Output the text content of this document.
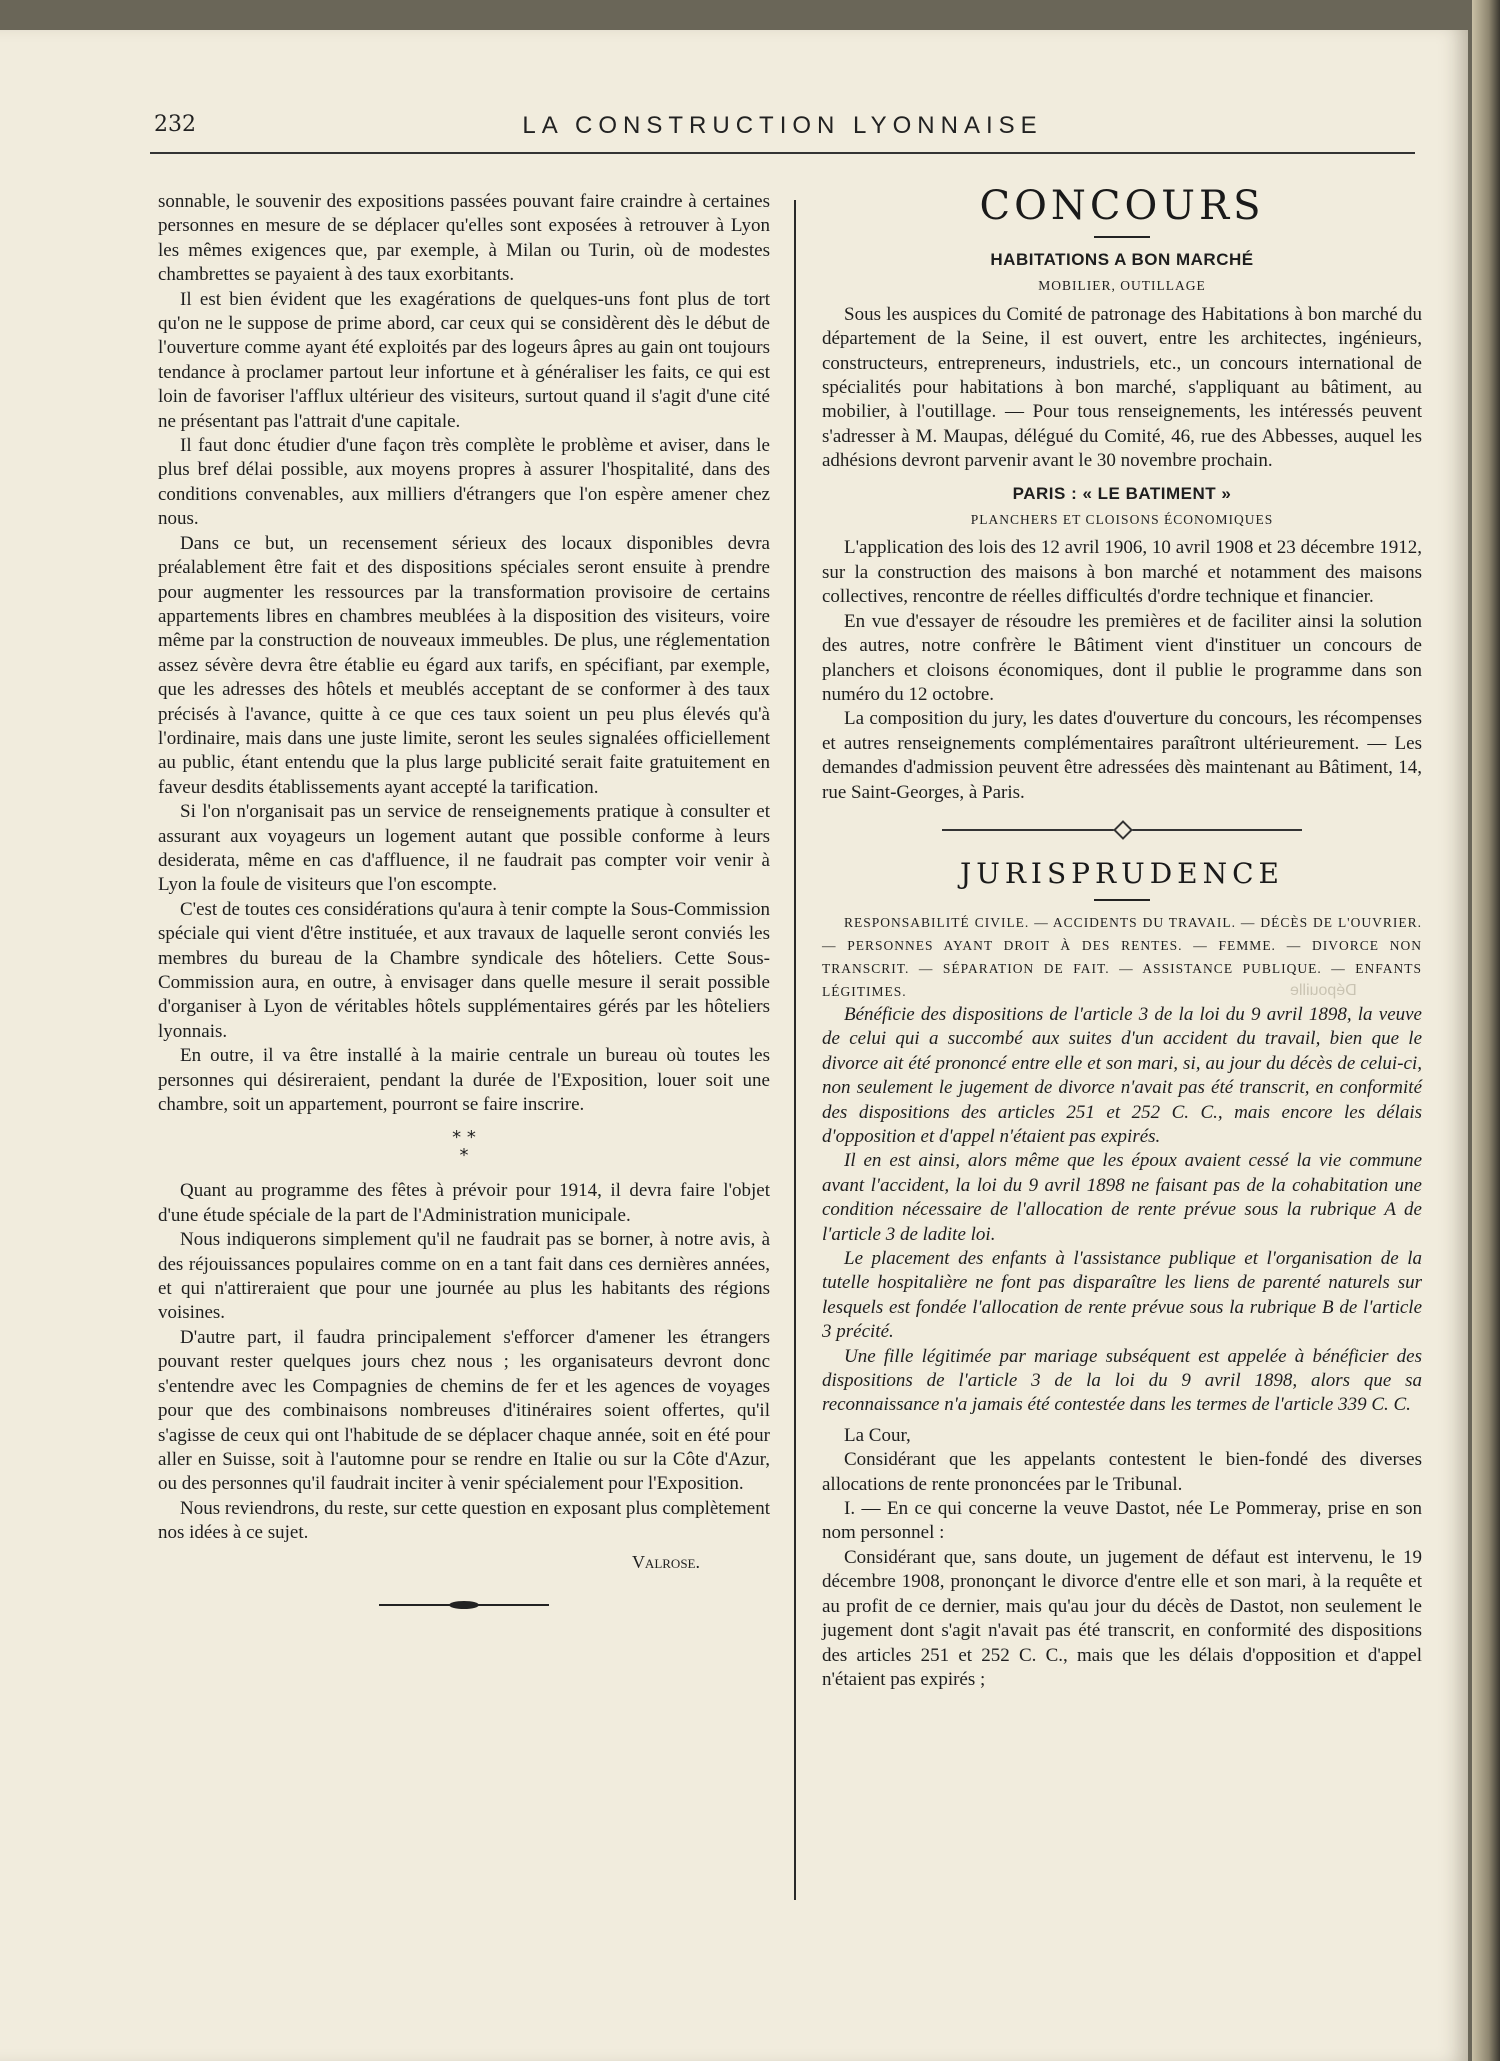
232	LA CONSTRUCTION LYONNAISE

sonnable, le souvenir des expositions passées pouvant faire craindre à certaines personnes en mesure de se déplacer qu'elles sont exposées à retrouver à Lyon les mêmes exigences que, par exemple, à Milan ou Turin, où de modestes chambrettes se payaient à des taux exorbitants.

Il est bien évident que les exagérations de quelques-uns font plus de tort qu'on ne le suppose de prime abord, car ceux qui se considèrent dès le début de l'ouverture comme ayant été exploités par des logeurs âpres au gain ont toujours tendance à proclamer partout leur infortune et à généraliser les faits, ce qui est loin de favoriser l'afflux ultérieur des visiteurs, surtout quand il s'agit d'une cité ne présentant pas l'attrait d'une capitale.

Il faut donc étudier d'une façon très complète le problème et aviser, dans le plus bref délai possible, aux moyens propres à assurer l'hospitalité, dans des conditions convenables, aux milliers d'étrangers que l'on espère amener chez nous.

Dans ce but, un recensement sérieux des locaux disponibles devra préalablement être fait et des dispositions spéciales seront ensuite à prendre pour augmenter les ressources par la transformation provisoire de certains appartements libres en chambres meublées à la disposition des visiteurs, voire même par la construction de nouveaux immeubles. De plus, une réglementation assez sévère devra être établie eu égard aux tarifs, en spécifiant, par exemple, que les adresses des hôtels et meublés acceptant de se conformer à des taux précisés à l'avance, quitte à ce que ces taux soient un peu plus élevés qu'à l'ordinaire, mais dans une juste limite, seront les seules signalées officiellement au public, étant entendu que la plus large publicité serait faite gratuitement en faveur desdits établissements ayant accepté la tarification.

Si l'on n'organisait pas un service de renseignements pratique à consulter et assurant aux voyageurs un logement autant que possible conforme à leurs desiderata, même en cas d'affluence, il ne faudrait pas compter voir venir à Lyon la foule de visiteurs que l'on escompte.

C'est de toutes ces considérations qu'aura à tenir compte la Sous-Commission spéciale qui vient d'être instituée, et aux travaux de laquelle seront conviés les membres du bureau de la Chambre syndicale des hôteliers. Cette Sous-Commission aura, en outre, à envisager dans quelle mesure il serait possible d'organiser à Lyon de véritables hôtels supplémentaires gérés par les hôteliers lyonnais.

En outre, il va être installé à la mairie centrale un bureau où toutes les personnes qui désireraient, pendant la durée de l'Exposition, louer soit une chambre, soit un appartement, pourront se faire inscrire.

* *
*

Quant au programme des fêtes à prévoir pour 1914, il devra faire l'objet d'une étude spéciale de la part de l'Administration municipale.

Nous indiquerons simplement qu'il ne faudrait pas se borner, à notre avis, à des réjouissances populaires comme on en a tant fait dans ces dernières années, et qui n'attireraient que pour une journée au plus les habitants des régions voisines.

D'autre part, il faudra principalement s'efforcer d'amener les étrangers pouvant rester quelques jours chez nous ; les organisateurs devront donc s'entendre avec les Compagnies de chemins de fer et les agences de voyages pour que des combinaisons nombreuses d'itinéraires soient offertes, qu'il s'agisse de ceux qui ont l'habitude de se déplacer chaque année, soit en été pour aller en Suisse, soit à l'automne pour se rendre en Italie ou sur la Côte d'Azur, ou des personnes qu'il faudrait inciter à venir spécialement pour l'Exposition.

Nous reviendrons, du reste, sur cette question en exposant plus complètement nos idées à ce sujet.

Valrose.
CONCOURS
HABITATIONS A BON MARCHÉ
MOBILIER, OUTILLAGE

Sous les auspices du Comité de patronage des Habitations à bon marché du département de la Seine, il est ouvert, entre les architectes, ingénieurs, constructeurs, entrepreneurs, industriels, etc., un concours international de spécialités pour habitations à bon marché, s'appliquant au bâtiment, au mobilier, à l'outillage. — Pour tous renseignements, les intéressés peuvent s'adresser à M. Maupas, délégué du Comité, 46, rue des Abbesses, auquel les adhésions devront parvenir avant le 30 novembre prochain.

PARIS : « LE BATIMENT »
PLANCHERS ET CLOISONS ÉCONOMIQUES

L'application des lois des 12 avril 1906, 10 avril 1908 et 23 décembre 1912, sur la construction des maisons à bon marché et notamment des maisons collectives, rencontre de réelles difficultés d'ordre technique et financier.

En vue d'essayer de résoudre les premières et de faciliter ainsi la solution des autres, notre confrère le Bâtiment vient d'instituer un concours de planchers et cloisons économiques, dont il publie le programme dans son numéro du 12 octobre.

La composition du jury, les dates d'ouverture du concours, les récompenses et autres renseignements complémentaires paraîtront ultérieurement. — Les demandes d'admission peuvent être adressées dès maintenant au Bâtiment, 14, rue Saint-Georges, à Paris.

JURISPRUDENCE

RESPONSABILITÉ CIVILE. — ACCIDENTS DU TRAVAIL. — DÉCÈS DE L'OUVRIER. — PERSONNES AYANT DROIT À DES RENTES. — FEMME. — DIVORCE NON TRANSCRIT. — SÉPARATION DE FAIT. — ASSISTANCE PUBLIQUE. — ENFANTS LÉGITIMES.

Bénéficie des dispositions de l'article 3 de la loi du 9 avril 1898, la veuve de celui qui a succombé aux suites d'un accident du travail, bien que le divorce ait été prononcé entre elle et son mari, si, au jour du décès de celui-ci, non seulement le jugement de divorce n'avait pas été transcrit, en conformité des dispositions des articles 251 et 252 C. C., mais encore les délais d'opposition et d'appel n'étaient pas expirés.

Il en est ainsi, alors même que les époux avaient cessé la vie commune avant l'accident, la loi du 9 avril 1898 ne faisant pas de la cohabitation une condition nécessaire de l'allocation de rente prévue sous la rubrique A de l'article 3 de ladite loi.

Le placement des enfants à l'assistance publique et l'organisation de la tutelle hospitalière ne font pas disparaître les liens de parenté naturels sur lesquels est fondée l'allocation de rente prévue sous la rubrique B de l'article 3 précité.

Une fille légitimée par mariage subséquent est appelée à bénéficier des dispositions de l'article 3 de la loi du 9 avril 1898, alors que sa reconnaissance n'a jamais été contestée dans les termes de l'article 339 C. C.

La Cour,

Considérant que les appelants contestent le bien-fondé des diverses allocations de rente prononcées par le Tribunal.

I. — En ce qui concerne la veuve Dastot, née Le Pommeray, prise en son nom personnel :

Considérant que, sans doute, un jugement de défaut est intervenu, le 19 décembre 1908, prononçant le divorce d'entre elle et son mari, à la requête et au profit de ce dernier, mais qu'au jour du décès de Dastot, non seulement le jugement dont s'agit n'avait pas été transcrit, en conformité des dispositions des articles 251 et 252 C. C., mais que les délais d'opposition et d'appel n'étaient pas expirés ;

Dépouille
